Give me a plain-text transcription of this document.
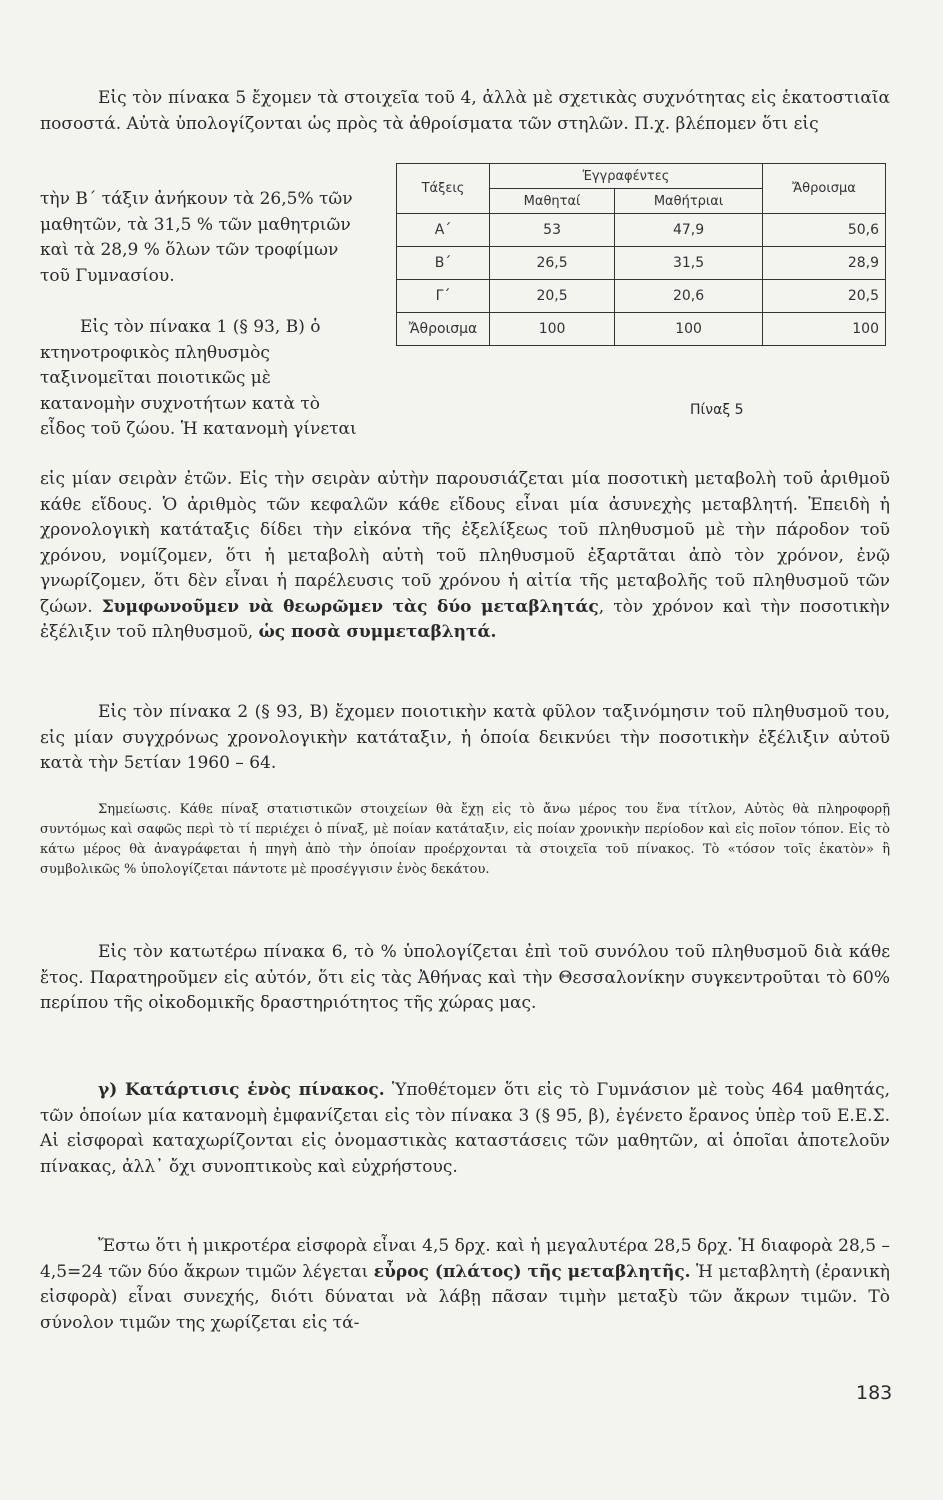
Εἰς τὸν πίνακα 5 ἔχομεν τὰ στοιχεῖα τοῦ 4, ἀλλὰ μὲ σχετικὰς συχνότητας εἰς ἑκατοστιαῖα ποσοστά. Αὐτὰ ὑπολογίζονται ὡς πρὸς τὰ ἀθροίσματα τῶν στηλῶν. Π.χ. βλέπομεν ὅτι εἰς
τὴν Β΄ τάξιν ἀνήκουν τὰ 26,5% τῶν μαθητῶν, τὰ 31,5 % τῶν μαθητριῶν καὶ τὰ 28,9 % ὅλων τῶν τροφίμων τοῦ Γυμνασίου.
Εἰς τὸν πίνακα 1 (§ 93, Β) ὁ κτηνοτροφικὸς πληθυσμὸς ταξινομεῖται ποιοτικῶς μὲ κατανομὴν συχνοτήτων κατὰ τὸ εἶδος τοῦ ζώου. Ἡ κατανομὴ γίνεται
Τάξεις	Ἐγγραφέντες		Ἄθροισμα
	Μαθηταί	Μαθήτριαι	
Α΄	53	47,9	50,6
Β΄	26,5	31,5	28,9
Γ΄	20,5	20,6	20,5
Ἄθροισμα	100	100	100
Πίναξ 5
εἰς μίαν σειρὰν ἐτῶν. Εἰς τὴν σειρὰν αὐτὴν παρουσιάζεται μία ποσοτικὴ μεταβολὴ τοῦ ἀριθμοῦ κάθε εἴδους. Ὁ ἀριθμὸς τῶν κεφαλῶν κάθε εἴδους εἶναι μία ἀσυνεχὴς μεταβλητή. Ἐπειδὴ ἡ χρονολογικὴ κατάταξις δίδει τὴν εἰκόνα τῆς ἐξελίξεως τοῦ πληθυσμοῦ μὲ τὴν πάροδον τοῦ χρόνου, νομίζομεν, ὅτι ἡ μεταβολὴ αὐτὴ τοῦ πληθυσμοῦ ἐξαρτᾶται ἀπὸ τὸν χρόνον, ἐνῷ γνωρίζομεν, ὅτι δὲν εἶναι ἡ παρέλευσις τοῦ χρόνου ἡ αἰτία τῆς μεταβολῆς τοῦ πληθυσμοῦ τῶν ζώων. Συμφωνοῦμεν νὰ θεωρῶμεν τὰς δύο μεταβλητάς, τὸν χρόνον καὶ τὴν ποσοτικὴν ἐξέλιξιν τοῦ πληθυσμοῦ, ὡς ποσὰ συμμεταβλητά.
Εἰς τὸν πίνακα 2 (§ 93, Β) ἔχομεν ποιοτικὴν κατὰ φῦλον ταξινόμησιν τοῦ πληθυσμοῦ του, εἰς μίαν συγχρόνως χρονολογικὴν κατάταξιν, ἡ ὁποία δεικνύει τὴν ποσοτικὴν ἐξέλιξιν αὐτοῦ κατὰ τὴν 5ετίαν 1960 – 64.
Σημείωσις. Κάθε πίναξ στατιστικῶν στοιχείων θὰ ἔχῃ εἰς τὸ ἄνω μέρος του ἕνα τίτλον, Αὐτὸς θὰ πληροφορῇ συντόμως καὶ σαφῶς περὶ τὸ τί περιέχει ὁ πίναξ, μὲ ποίαν κατάταξιν, εἰς ποίαν χρονικὴν περίοδον καὶ εἰς ποῖον τόπον. Εἰς τὸ κάτω μέρος θὰ ἀναγράφεται ἡ πηγὴ ἀπὸ τὴν ὁποίαν προέρχονται τὰ στοιχεῖα τοῦ πίνακος. Τὸ «τόσον τοῖς ἑκατὸν» ἢ συμβολικῶς % ὑπολογίζεται πάντοτε μὲ προσέγγισιν ἑνὸς δεκάτου.
Εἰς τὸν κατωτέρω πίνακα 6, τὸ % ὑπολογίζεται ἐπὶ τοῦ συνόλου τοῦ πληθυσμοῦ διὰ κάθε ἔτος. Παρατηροῦμεν εἰς αὐτόν, ὅτι εἰς τὰς Ἀθήνας καὶ τὴν Θεσσαλονίκην συγκεντροῦται τὸ 60% περίπου τῆς οἰκοδομικῆς δραστηριότητος τῆς χώρας μας.
γ) Κατάρτισις ἑνὸς πίνακος. Ὑποθέτομεν ὅτι εἰς τὸ Γυμνάσιον μὲ τοὺς 464 μαθητάς, τῶν ὁποίων μία κατανομὴ ἐμφανίζεται εἰς τὸν πίνακα 3 (§ 95, β), ἐγένετο ἔρανος ὑπὲρ τοῦ Ε.Ε.Σ. Αἱ εἰσφοραὶ καταχωρίζονται εἰς ὀνομαστικὰς καταστάσεις τῶν μαθητῶν, αἱ ὁποῖαι ἀποτελοῦν πίνακας, ἀλλ᾽ ὄχι συνοπτικοὺς καὶ εὐχρήστους.
Ἔστω ὅτι ἡ μικροτέρα εἰσφορὰ εἶναι 4,5 δρχ. καὶ ἡ μεγαλυτέρα 28,5 δρχ. Ἡ διαφορὰ 28,5 – 4,5=24 τῶν δύο ἄκρων τιμῶν λέγεται εὖρος (πλάτος) τῆς μεταβλητῆς. Ἡ μεταβλητὴ (ἐρανικὴ εἰσφορὰ) εἶναι συνεχής, διότι δύναται νὰ λάβῃ πᾶσαν τιμὴν μεταξὺ τῶν ἄκρων τιμῶν. Τὸ σύνολον τιμῶν της χωρίζεται εἰς τά-
183
